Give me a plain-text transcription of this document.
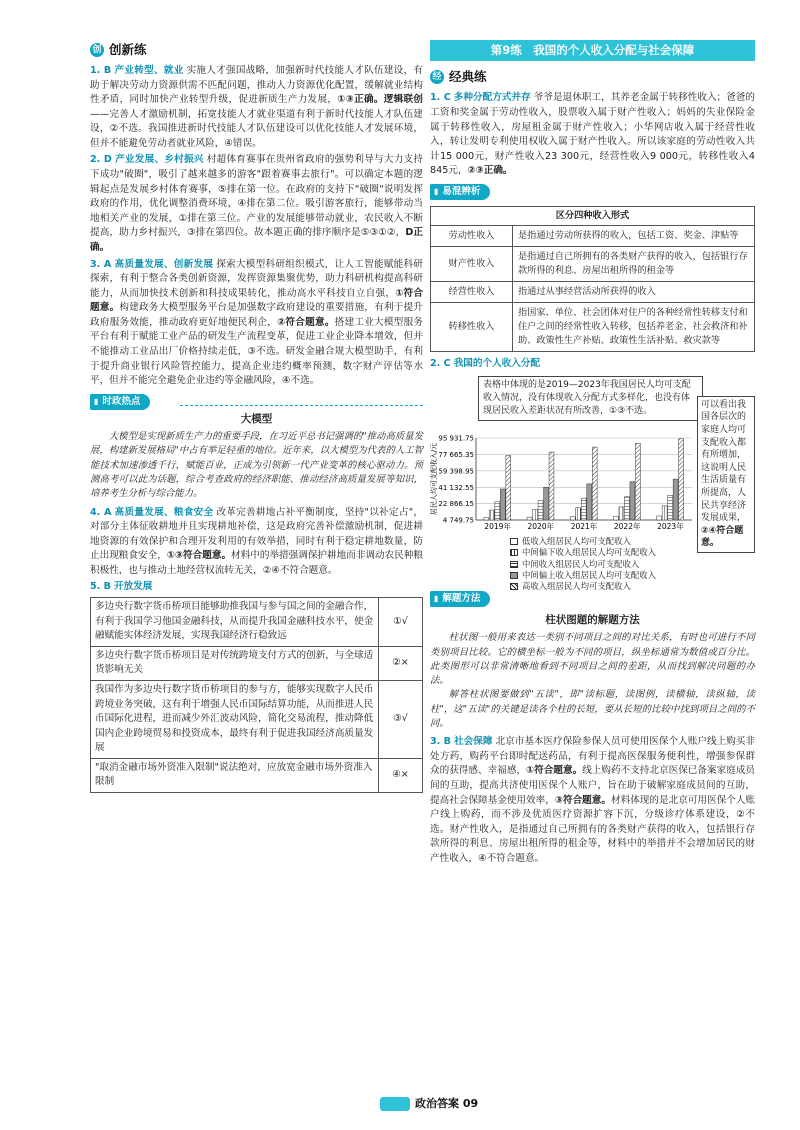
创 创新练

1. B 产业转型、就业 实施人才强国战略，加强新时代技能人才队伍建设，有助于解决劳动力资源供需不匹配问题，推动人力资源优化配置，缓解就业结构性矛盾，同时加快产业转型升级，促进新质生产力发展，①③正确。逻辑联创——完善人才激励机制，拓宽技能人才就业渠道有利于新时代技能人才队伍建设，②不选。我国推进新时代技能人才队伍建设可以优化技能人才发展环境，但并不能避免劳动者就业风险，④错误。

2. D 产业发展、乡村振兴 村超体育赛事在贵州省政府的强势利导与大力支持下成功"破圈"，吸引了越来越多的游客"跟着赛事去旅行"。可以确定本题的逻辑起点是发展乡村体育赛事，⑤排在第一位。在政府的支持下"破圈"说明发挥政府的作用，优化调整消费环境，④排在第二位。吸引游客旅行，能够带动当地相关产业的发展，①排在第三位。产业的发展能够带动就业，农民收入不断提高，助力乡村振兴，③排在第四位。故本题正确的排序顺序是⑤③①②，D正确。

3. A 高质量发展、创新发展 探索大模型科研组织模式，让人工智能赋能科研探索，有利于整合各类创新资源，发挥资源集聚优势，助力科研机构提高科研能力，从而加快技术创新和科技成果转化，推动高水平科技自立自强，①符合题意。构建政务大模型服务平台是加强数字政府建设的重要措施，有利于提升政府服务效能，推动政府更好地便民利企，②符合题意。搭建工业大模型服务平台有利于赋能工业产品的研发生产流程变革，促进工业企业降本增效，但并不能推动工业品出厂价格持续走低，③不选。研发金融合规大模型助手，有利于提升商业银行风险管控能力，提高企业违约概率预测，数字财产评估等水平，但并不能完全避免企业违约等金融风险，④不选。

▮ 时政热点
大模型

大模型是实现新质生产力的重要手段，在习近平总书记强调的"推动高质量发展，构建新发展格局"中占有举足轻重的地位。近年来，以大模型为代表的人工智能技术加速渗透千行，赋能百业，正成为引领新一代产业变革的核心驱动力。预测高考可以此为话题，综合考查政府的经济职能、推动经济高质量发展等知识，培养考生分析与综合能力。

4. A 高质量发展、粮食安全 改革完善耕地占补平衡制度，坚持"以补定占"，对部分主体征收耕地并且实现耕地补偿，这是政府完善补偿激励机制，促进耕地资源的有效保护和合理开发利用的有效举措，同时有利于稳定耕地数量，防止出现粮食安全，①③符合题意。材料中的举措强调保护耕地而非调动农民种粮积极性，也与推动土地经营权流转无关，②④不符合题意。

5. B 开放发展

多边央行数字货币桥项目能够助推我国与参与国之间的金融合作，有利于我国学习他国金融科技，从而提升我国金融科技水平，使金融赋能实体经济发展，实现我国经济行稳致远	①√
多边央行数字货币桥项目是对传统跨境支付方式的创新，与全球适货影响无关	②×
我国作为多边央行数字货币桥项目的参与方，能够实现数字人民币跨境业务突破，这有利于增强人民币国际结算功能，从而推进人民币国际化进程，进而减少外汇波动风险，简化交易流程，推动降低国内企业跨境贸易和投资成本，最终有利于促进我国经济高质量发展	③√
"取消金融市场外资准入限制"说法绝对，应放宽金融市场外资准入限制	④×
第9练　我国的个人收入分配与社会保障
经 经典练

1. C 多种分配方式并存 爷爷是退休职工，其养老金属于转移性收入；爸爸的工资和奖金属于劳动性收入，股票收入属于财产性收入；妈妈的失业保险金属于转移性收入，房屋租金属于财产性收入；小华网店收入属于经营性收入，转让发明专利使用权收入属于财产性收入。所以该家庭的劳动性收入共计15 000元，财产性收入23 300元，经营性收入9 000元，转移性收入4 845元，②③正确。

▮ 易混辨析
区分四种收入形式	
劳动性收入	是指通过劳动所获得的收入，包括工资、奖金、津贴等
财产性收入	是指通过自己所拥有的各类财产获得的收入，包括银行存款所得的利息、房屋出租所得的租金等
经营性收入	指通过从事经营活动所获得的收入
转移性收入	指国家、单位、社会团体对住户的各种经常性转移支付和住户之间的经常性收入转移，包括养老金、社会救济和补助、政策性生产补贴、政策性生活补贴、救灾款等

2. C 我国的个人收入分配

表格中体现的是2019—2023年我国居民人均可支配收入情况，没有体现收入分配方式多样化，也没有体现居民收入差距状况有所改善，①③不选。
可以看出我国各层次的家庭人均可支配收入都有所增加，这说明人民生活质量有所提高，人民共享经济发展成果，②④符合题意。
居民人均可支配收入/元
95 931.75
77 665.35
59 398.95
41 132.55
22 866.15
4 749.75
2019年 2020年 2021年 2022年 2023年
低收入组居民人均可支配收入
中间偏下收入组居民人均可支配收入
中间收入组居民人均可支配收入
中间偏上收入组居民人均可支配收入
高收入组居民人均可支配收入
▮ 解题方法
柱状图题的解题方法

柱状图一般用来表达一类别不同项目之间的对比关系，有时也可进行不同类别项目比较。它的横坐标一般为不同的项目，纵坐标通常为数值或百分比。此类图形可以非常清晰地看到不同项目之间的差距，从而找到解决问题的办法。

解答柱状图要做到"五读"，即"读标题，读图例，读横轴，读纵轴，读柱"，这"五读"的关键是读各个柱的长短，要从长短的比较中找到项目之间的不同。

3. B 社会保障 北京市基本医疗保险参保人员可使用医保个人账户线上购买非处方药，购药平台即时配送药品，有利于提高医保服务便利性，增强参保群众的获得感、幸福感，①符合题意。线上购药不支持北京医保已备案家庭成员间的互助，提高共济使用医保个人账户，旨在助于破解家庭成员间的互助，提高社会保障基金使用效率，③符合题意。材料体现的是北京可用医保个人账户线上购药，而不涉及优质医疗资源扩容下沉，分级诊疗体系建设，②不选。财产性收入，是指通过自己所拥有的各类财产获得的收入，包括银行存款所得的利息、房屋出租所得的租金等，材料中的举措并不会增加居民的财产性收入，④不符合题意。

政治答案 09
